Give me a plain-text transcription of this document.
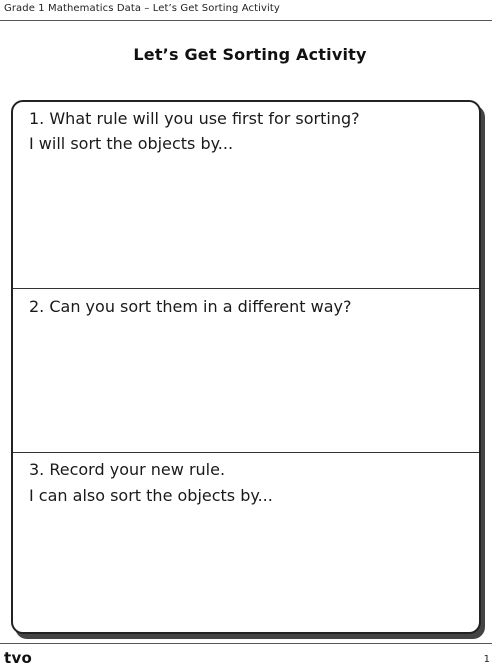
Grade 1 Mathematics Data – Let’s Get Sorting Activity
Let’s Get Sorting Activity
1. What rule will you use first for sorting?
I will sort the objects by...
2. Can you sort them in a different way?
3. Record your new rule.
I can also sort the objects by...
tvo	1
